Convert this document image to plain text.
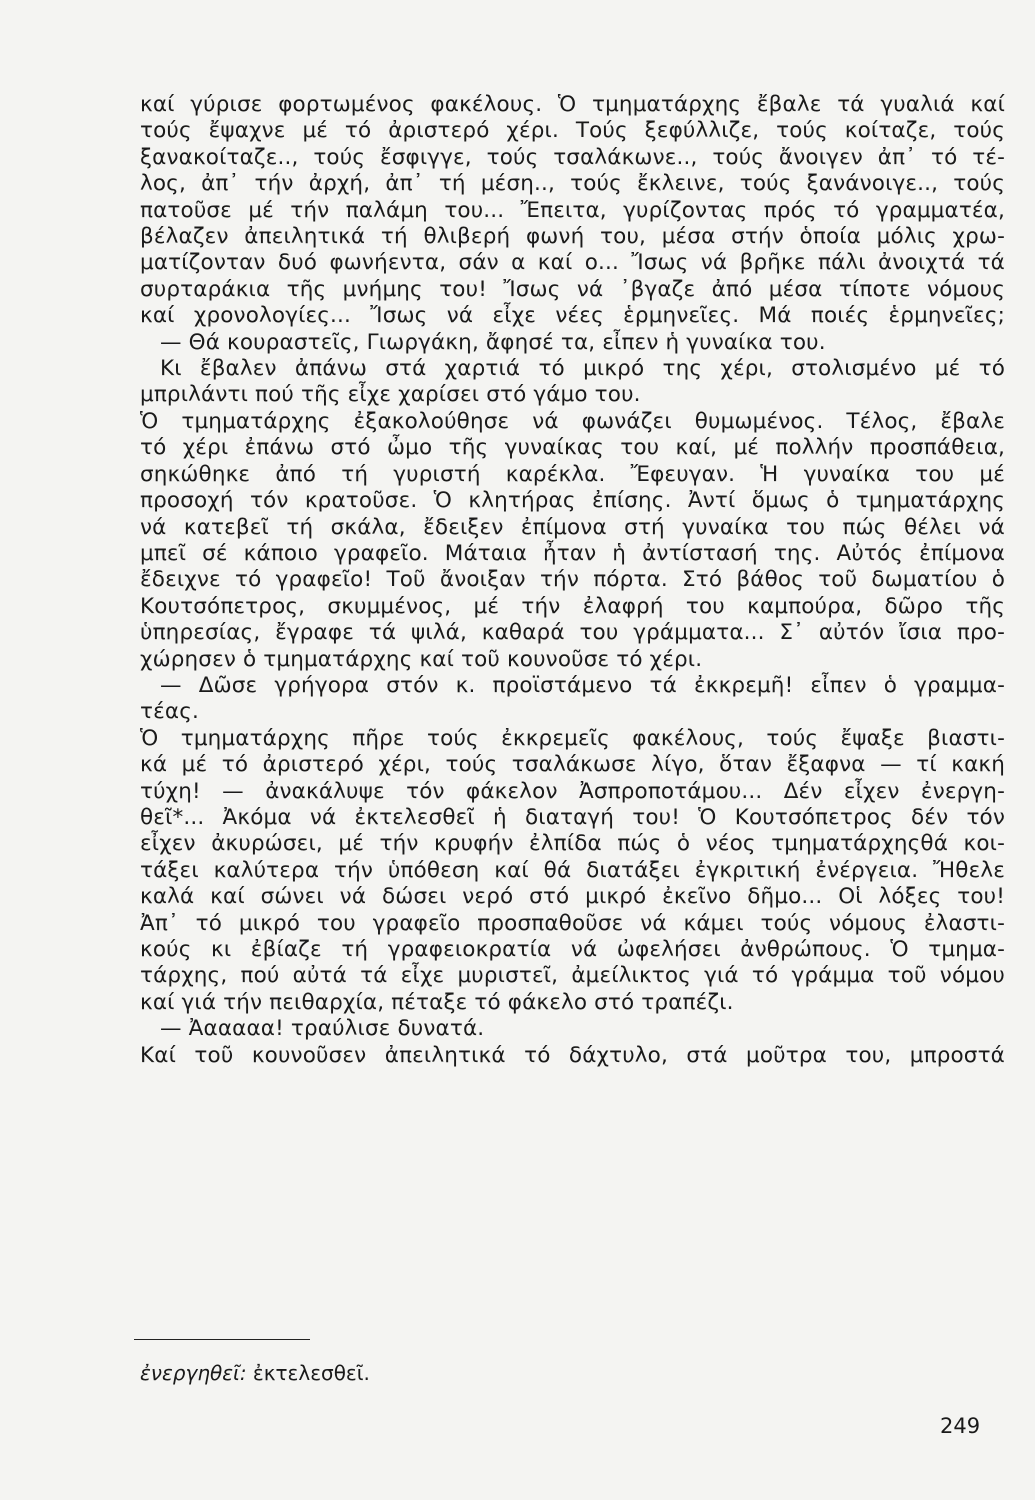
καί γύρισε φορτωμένος φακέλους. Ὁ τμηματάρχης ἔβαλε τά γυαλιά καί
τούς ἔψαχνε μέ τό ἀριστερό χέρι. Τούς ξεφύλλιζε, τούς κοίταζε, τούς
ξανακοίταζε.., τούς ἔσφιγγε, τούς τσαλάκωνε.., τούς ἄνοιγεν ἀπ᾿ τό τέ-
λος, ἀπ᾿ τήν ἀρχή, ἀπ᾿ τή μέση.., τούς ἔκλεινε, τούς ξανάνοιγε.., τούς
πατοῦσε μέ τήν παλάμη του... Ἔπειτα, γυρίζοντας πρός τό γραμματέα,
βέλαζεν ἀπειλητικά τή θλιβερή φωνή του, μέσα στήν ὁποία μόλις χρω-
ματίζονταν δυό φωνήεντα, σάν α καί ο... Ἴσως νά βρῆκε πάλι ἀνοιχτά τά
συρταράκια τῆς μνήμης του! Ἴσως νά ᾿βγαζε ἀπό μέσα τίποτε νόμους
καί χρονολογίες... Ἴσως νά εἶχε νέες ἑρμηνεῖες. Μά ποιές ἑρμηνεῖες;
— Θά κουραστεῖς, Γιωργάκη, ἄφησέ τα, εἶπεν ἡ γυναίκα του.
Κι ἔβαλεν ἀπάνω στά χαρτιά τό μικρό της χέρι, στολισμένο μέ τό
μπριλάντι πού τῆς εἶχε χαρίσει στό γάμο του.
Ὁ τμηματάρχης ἐξακολούθησε νά φωνάζει θυμωμένος. Τέλος, ἔβαλε
τό χέρι ἐπάνω στό ὦμο τῆς γυναίκας του καί, μέ πολλήν προσπάθεια,
σηκώθηκε ἀπό τή γυριστή καρέκλα. Ἔφευγαν. Ἡ γυναίκα του μέ
προσοχή τόν κρατοῦσε. Ὁ κλητήρας ἐπίσης. Ἀντί ὅμως ὁ τμηματάρχης
νά κατεβεῖ τή σκάλα, ἔδειξεν ἐπίμονα στή γυναίκα του πώς θέλει νά
μπεῖ σέ κάποιο γραφεῖο. Μάταια ἦταν ἡ ἀντίστασή της. Αὐτός ἐπίμονα
ἔδειχνε τό γραφεῖο! Τοῦ ἄνοιξαν τήν πόρτα. Στό βάθος τοῦ δωματίου ὁ
Κουτσόπετρος, σκυμμένος, μέ τήν ἐλαφρή του καμπούρα, δῶρο τῆς
ὑπηρεσίας, ἔγραφε τά ψιλά, καθαρά του γράμματα... Σ᾿ αὐτόν ἴσια προ-
χώρησεν ὁ τμηματάρχης καί τοῦ κουνοῦσε τό χέρι.
— Δῶσε γρήγορα στόν κ. προϊστάμενο τά ἐκκρεμῆ! εἶπεν ὁ γραμμα-
τέας.
Ὁ τμηματάρχης πῆρε τούς ἐκκρεμεῖς φακέλους, τούς ἔψαξε βιαστι-
κά μέ τό ἀριστερό χέρι, τούς τσαλάκωσε λίγο, ὅταν ἔξαφνα — τί κακή
τύχη! — ἀνακάλυψε τόν φάκελον Ἀσπροποτάμου... Δέν εἶχεν ἐνεργη-
θεῖ*... Ἀκόμα νά ἐκτελεσθεῖ ἡ διαταγή του! Ὁ Κουτσόπετρος δέν τόν
εἶχεν ἀκυρώσει, μέ τήν κρυφήν ἐλπίδα πώς ὁ νέος τμηματάρχηςθά κοι-
τάξει καλύτερα τήν ὑπόθεση καί θά διατάξει ἐγκριτική ἐνέργεια. Ἤθελε
καλά καί σώνει νά δώσει νερό στό μικρό ἐκεῖνο δῆμο... Οἱ λόξες του!
Ἀπ᾿ τό μικρό του γραφεῖο προσπαθοῦσε νά κάμει τούς νόμους ἐλαστι-
κούς κι ἐβίαζε τή γραφειοκρατία νά ὠφελήσει ἀνθρώπους. Ὁ τμημα-
τάρχης, πού αὐτά τά εἶχε μυριστεῖ, ἀμείλικτος γιά τό γράμμα τοῦ νόμου
καί γιά τήν πειθαρχία, πέταξε τό φάκελο στό τραπέζι.
— Ἀααααα! τραύλισε δυνατά.
Καί τοῦ κουνοῦσεν ἀπειλητικά τό δάχτυλο, στά μοῦτρα του, μπροστά
ἐνεργηθεῖ: ἐκτελεσθεῖ.
249
